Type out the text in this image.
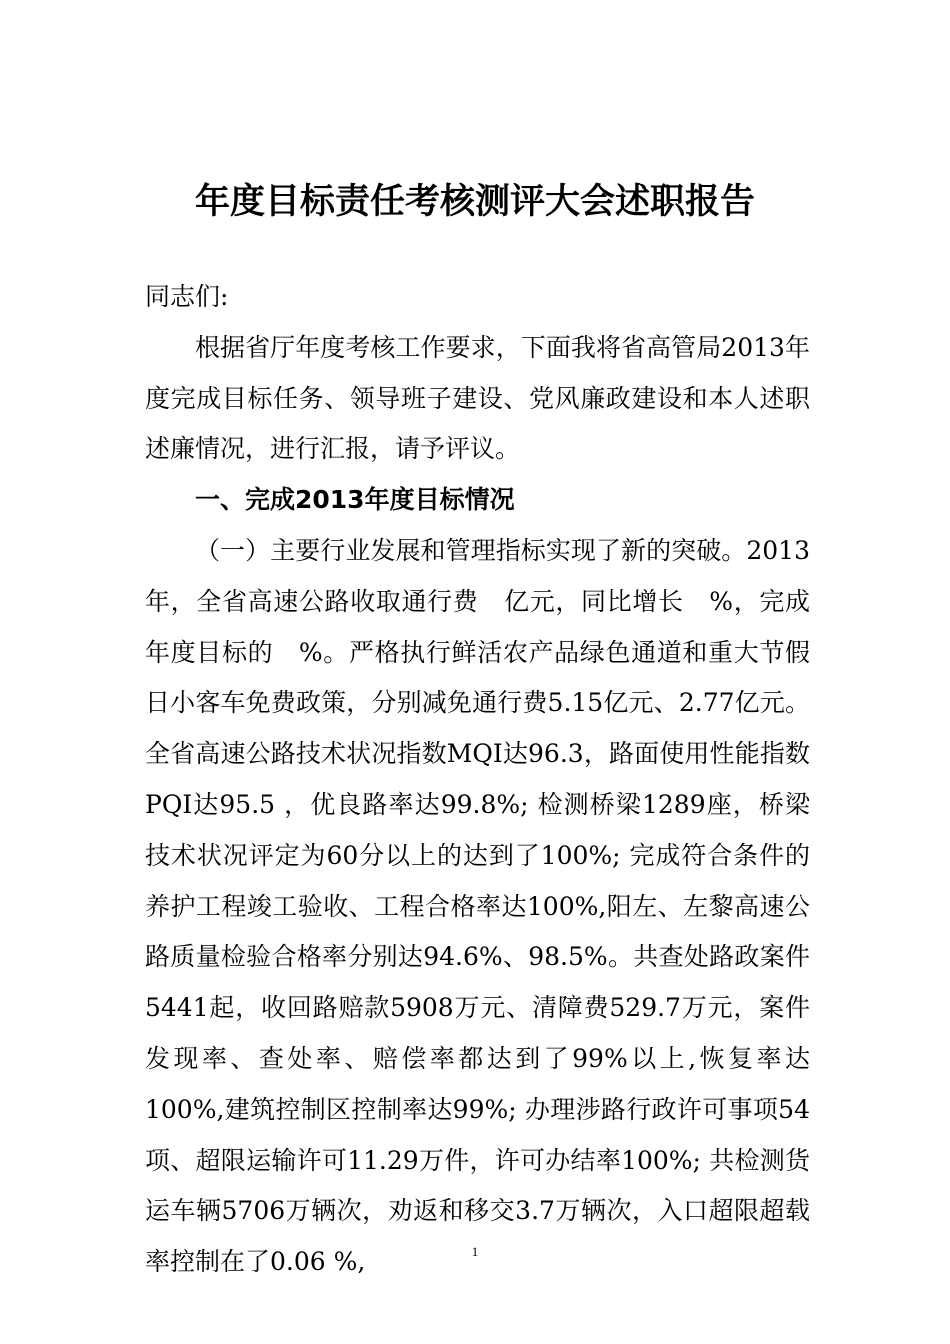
年度目标责任考核测评大会述职报告

同志们:

根据省厅年度考核工作要求，下面我将省高管局2013年度完成目标任务、领导班子建设、党风廉政建设和本人述职述廉情况，进行汇报，请予评议。

一、完成2013年度目标情况

（一）主要行业发展和管理指标实现了新的突破。2013年，全省高速公路收取通行费　亿元，同比增长　%，完成年度目标的　%。严格执行鲜活农产品绿色通道和重大节假日小客车免费政策，分别减免通行费5.15亿元、2.77亿元。全省高速公路技术状况指数MQI达96.3，路面使用性能指数PQI达95.5 ，优良路率达99.8%; 检测桥梁1289座，桥梁技术状况评定为60分以上的达到了100%; 完成符合条件的养护工程竣工验收、工程合格率达100%,阳左、左黎高速公路质量检验合格率分别达94.6%、98.5%。共查处路政案件5441起，收回路赔款5908万元、清障费529.7万元，案件发现率、查处率、赔偿率都达到了99%以上,恢复率达100%,建筑控制区控制率达99%; 办理涉路行政许可事项54项、超限运输许可11.29万件，许可办结率100%; 共检测货运车辆5706万辆次，劝返和移交3.7万辆次，入口超限超载率控制在了0.06 %,	1
